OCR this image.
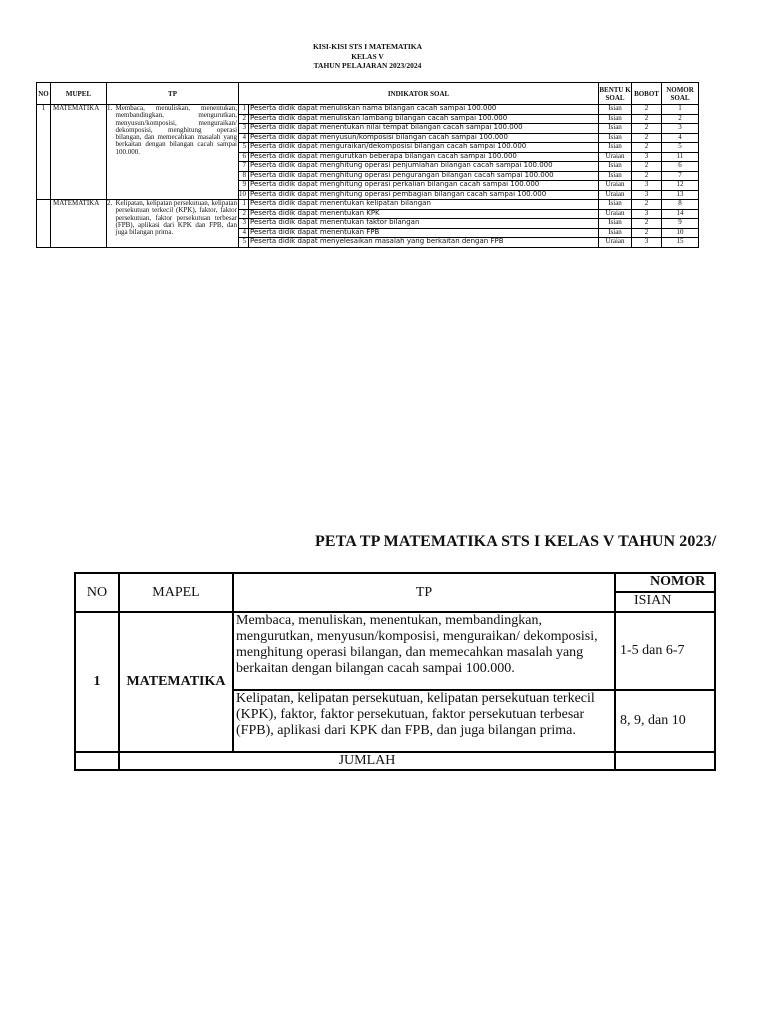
KISI-KISI STS I MATEMATIKA
KELAS V
TAHUN PELAJARAN 2023/2024
NO	MUPEL	TP		INDIKATOR SOAL		BENTU K SOAL	BOBOT	NOMOR SOAL
1	MATEMATIKA	1.	Membaca, menuliskan, menentukan, membandingkan, mengurutkan, menyusun/komposisi, menguraikan/ dekomposisi, menghitung operasi bilangan, dan memecahkan masalah yang berkaitan dengan bilangan cacah sampai 100.000.	1	Peserta didik dapat menuliskan nama bilangan cacah sampai 100.000	Isian	2	1
				2	Peserta didik dapat menuliskan lambang bilangan cacah sampai 100.000	Isian	2	2
				3	Peserta didik dapat menentukan nilai tempat bilangan cacah sampai 100.000	Isian	2	3
				4	Peserta didik dapat menyusun/komposisi bilangan cacah sampai 100.000	Isian	2	4
				5	Peserta didik dapat menguraikan/dekomposisi bilangan cacah sampai 100.000	Isian	2	5
				6	Peserta didik dapat mengurutkan beberapa bilangan cacah sampai 100.000	Uraian	3	11
				7	Peserta didik dapat menghitung operasi penjumlahan bilangan cacah sampai 100.000	Isian	2	6
				8	Peserta didik dapat menghitung operasi pengurangan bilangan cacah sampai 100.000	Isian	2	7
				9	Peserta didik dapat menghitung operasi perkalian bilangan cacah sampai 100.000	Uraian	3	12
				10	Peserta didik dapat menghitung operasi pembagian bilangan cacah sampai 100.000	Uraian	3	13
	MATEMATIKA	2.	Kelipatan, kelipatan persekutuan, kelipatan persekutuan terkecil (KPK), faktor, faktor persekutuan, faktor persekutuan terbesar (FPB), aplikasi dari KPK dan FPB, dan juga bilangan prima.	1	Peserta didik dapat menentukan kelipatan bilangan	Isian	2	8
				2	Peserta didik dapat menentukan KPK	Uraian	3	14
				3	Peserta didik dapat menentukan faktor bilangan	Isian	2	9
				4	Peserta didik dapat menentukan FPB	Isian	2	10
				5	Peserta didik dapat menyelesaikan masalah yang berkaitan dengan FPB	Uraian	3	15
PETA TP MATEMATIKA STS I KELAS V TAHUN 2023/
NO	MAPEL	TP	NOMOR
			ISIAN
1	MATEMATIKA	Membaca, menuliskan, menentukan, membandingkan, mengurutkan, menyusun/komposisi, menguraikan/ dekomposisi, menghitung operasi bilangan, dan memecahkan masalah yang berkaitan dengan bilangan cacah sampai 100.000.	1-5 dan 6-7
		Kelipatan, kelipatan persekutuan, kelipatan persekutuan terkecil (KPK), faktor, faktor persekutuan, faktor persekutuan terbesar (FPB), aplikasi dari KPK dan FPB, dan juga bilangan prima.	8, 9, dan 10
	JUMLAH		
